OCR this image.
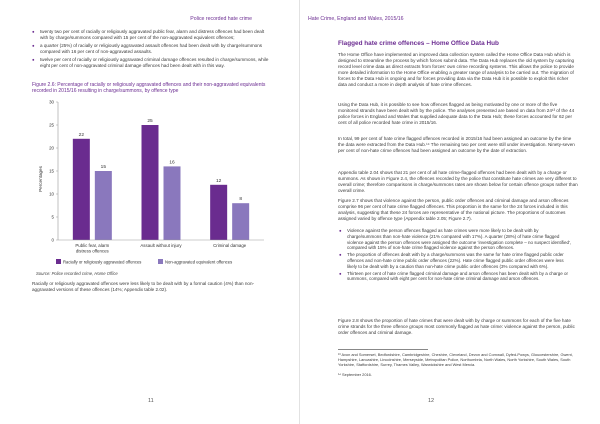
Police recorded hate crime
● twenty two per cent of racially or religiously aggravated public fear, alarm and distress offences had been dealt with by charge/summons compared with 15 per cent of the non-aggravated equivalent offences;
● a quarter (25%) of racially or religiously aggravated assault offences had been dealt with by charge/summons compared with 16 per cent of non-aggravated assaults.
● twelve per cent of racially or religiously aggravated criminal damage offences resulted in charge/summons, while eight per cent of non-aggravated criminal damage offences had been dealt with in this way.
Figure 2.6: Percentage of racially or religiously aggravated offences and their non-aggravated equivalents recorded in 2015/16 resulting in charge/summons, by offence type
0
5
10
15
20
25
30
22
15
25
16
12
8
Public fear, alarm distress offences
Assault without injury	Criminal damage
Percentages
Racially or religiously aggravated offences	Non-aggravated equivalent offences
Source: Police recorded crime, Home Office
Racially or religiously aggravated offences were less likely to be dealt with by a formal caution (4%) than non-aggravated versions of these offences (14%; Appendix table 2.02).
11
Hate Crime, England and Wales, 2015/16
Flagged hate crime offences – Home Office Data Hub

The Home Office have implemented an improved data collection system called the Home Office Data Hub which is designed to streamline the process by which forces submit data. The Data Hub replaces the old system by capturing record level crime data as direct extracts from forces’ own crime recording systems. This allows the police to provide more detailed information to the Home Office enabling a greater range of analysis to be carried out. The migration of forces to the Data Hub is ongoing and for forces providing data via the Data Hub it is possible to exploit this richer data and conduct a more in depth analysis of hate crime offences.

Using the Data Hub, it is possible to see how offences flagged as being motivated by one or more of the five monitored strands have been dealt with by the police. The analyses presented are based on data from 24¹³ of the 44 police forces in England and Wales that supplied adequate data to the Data Hub; these forces accounted for 62 per cent of all police recorded hate crime in 2015/16.

In total, 99 per cent of hate crime flagged offences recorded in 2015/16 had been assigned an outcome by the time the data were extracted from the Data Hub.¹⁴ The remaining two per cent were still under investigation. Ninety-seven per cent of non-hate crime offences had been assigned an outcome by the date of extraction.

Appendix table 2.04 shows that 21 per cent of all hate crime-flagged offences had been dealt with by a charge or summons. As shown in Figure 2.4, the offences recorded by the police that constitute hate crimes are very different to overall crime; therefore comparisons in charge/summons rates are shown below for certain offence groups rather than overall crime.

Figure 2.7 shows that violence against the person, public order offences and criminal damage and arson offences comprise 96 per cent of hate crime flagged offences. This proportion is the same for the 24 forces included in this analysis, suggesting that these 24 forces are representative of the national picture. The proportions of outcomes assigned varied by offence type (Appendix table 2.05; Figure 2.7).

● Violence against the person offences flagged as hate crimes were more likely to be dealt with by charge/summons than non-hate violence (21% compared with 17%). A quarter (28%) of hate crime flagged violence against the person offences were assigned the outcome ‘investigation complete – no suspect identified’, compared with 15% of non-hate crime flagged violence against the person offences.
● The proportion of offences dealt with by a charge/summons was the same for hate crime flagged public order offences and non-hate crime public order offences (22%). Hate crime flagged public order offences were less likely to be dealt with by a caution than non-hate crime public order offences (3% compared with 6%).
● Thirteen per cent of hate crime flagged criminal damage and arson offences has been dealt with by a charge or summons, compared with eight per cent for non-hate crime criminal damage and arson offences.

Figure 2.8 shows the proportion of hate crimes that were dealt with by charge or summons for each of the five hate crime strands for the three offence groups most commonly flagged as hate crime: violence against the person, public order offences and criminal damage.

¹³ Avon and Somerset, Bedfordshire, Cambridgeshire, Cheshire, Cleveland, Devon and Cornwall, Dyfed-Powys, Gloucestershire, Gwent, Hampshire, Lancashire, Lincolnshire, Merseyside, Metropolitan Police, Northumbria, North Wales, North Yorkshire, South Wales, South Yorkshire, Staffordshire, Surrey, Thames Valley, Warwickshire and West Mercia.
¹⁴ September 2016.
12
